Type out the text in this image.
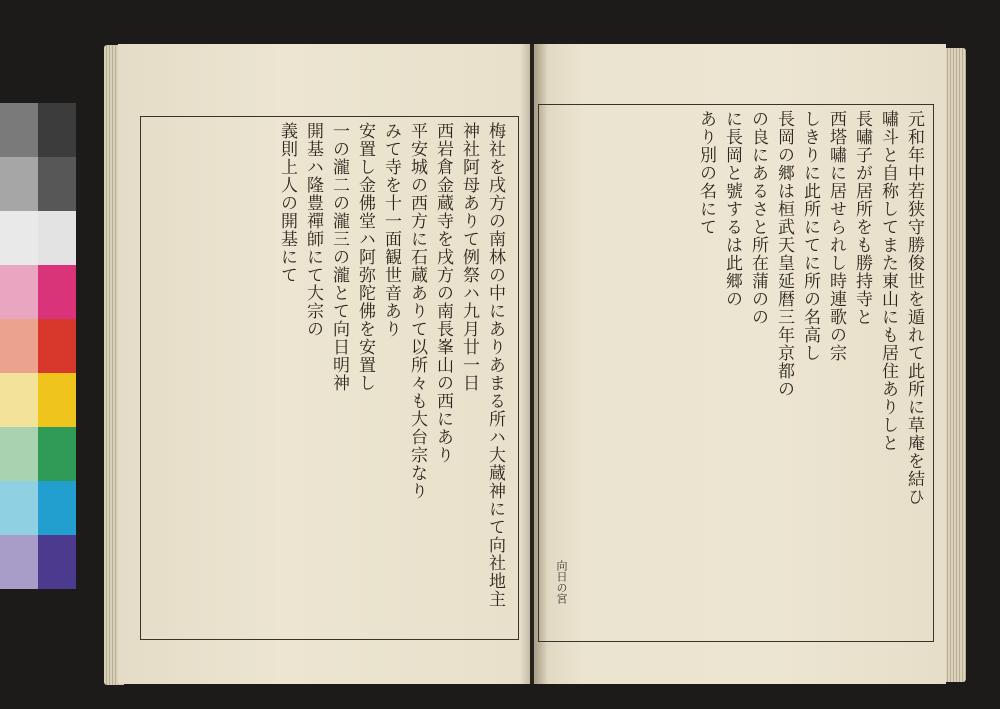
梅社を戌方の南林の中にありあまる所ハ大蔵神にて向社地主
神社阿母ありて例祭ハ九月廿一日
西岩倉金蔵寺を戌方の南長峯山の西にあり
平安城の西方に石蔵ありて以所々も大台宗なり
みて寺を十一面観世音あり
安置し金佛堂ハ阿弥陀佛を安置し
一の瀧二の瀧三の瀧とて向日明神
開基ハ隆豊禪師にて大宗の
義則上人の開基にて	元和年中若狭守勝俊世を遁れて此所に草庵を結ひ
嘯斗と自称してまた東山にも居住ありしと
長嘯子が居所をも勝持寺と
西塔嘯に居せられし時連歌の宗
しきりに此所にてに所の名高し
長岡の郷は桓武天皇延暦三年京都の
の良にあるさと所在蒲のの
に長岡と號するは此郷の
あり別の名にて
向日の宮
